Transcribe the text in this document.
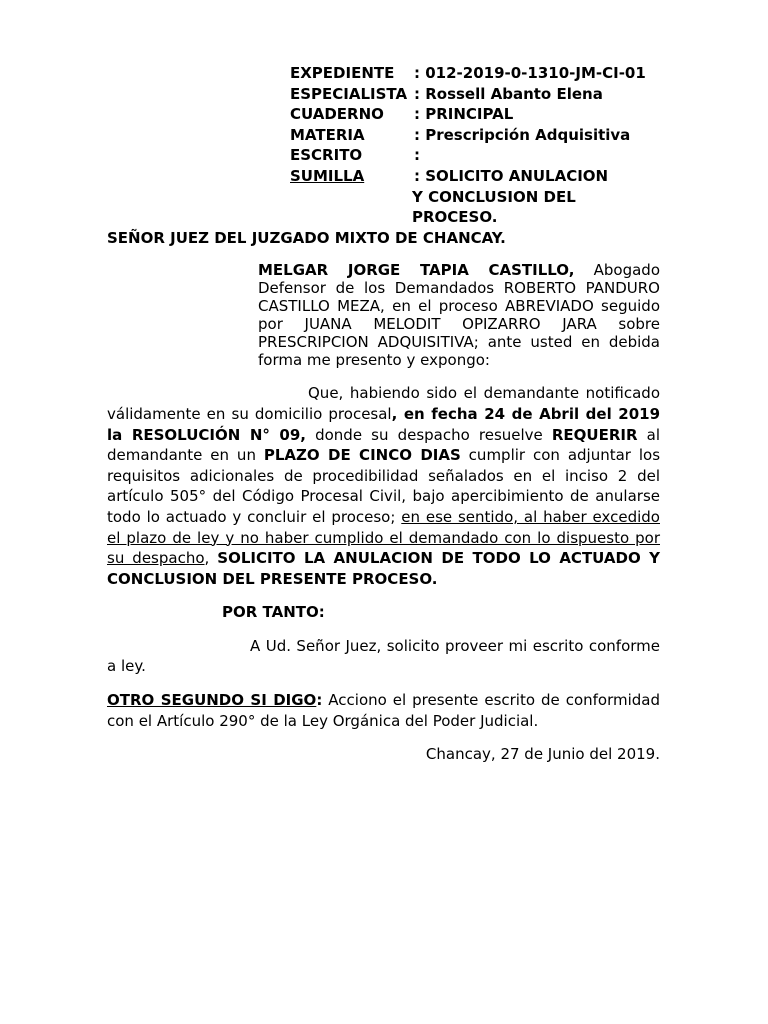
EXPEDIENTE	: 012-2019-0-1310-JM-CI-01
ESPECIALISTA : Rossell Abanto Elena
CUADERNO	: PRINCIPAL
MATERIA	: Prescripción Adquisitiva
ESCRITO	:
SUMILLA	: SOLICITO ANULACION
Y CONCLUSION DEL
PROCESO.
SEÑOR JUEZ DEL JUZGADO MIXTO DE CHANCAY.

MELGAR JORGE TAPIA CASTILLO, Abogado Defensor de los Demandados ROBERTO PANDURO CASTILLO MEZA, en el proceso ABREVIADO seguido por JUANA MELODIT OPIZARRO JARA sobre PRESCRIPCION ADQUISITIVA; ante usted en debida forma me presento y expongo:

Que, habiendo sido el demandante notificado válidamente en su domicilio procesal, en fecha 24 de Abril del 2019 la RESOLUCIÓN N° 09, donde su despacho resuelve REQUERIR al demandante en un PLAZO DE CINCO DIAS cumplir con adjuntar los requisitos adicionales de procedibilidad señalados en el inciso 2 del artículo 505° del Código Procesal Civil, bajo apercibimiento de anularse todo lo actuado y concluir el proceso; en ese sentido, al haber excedido el plazo de ley y no haber cumplido el demandado con lo dispuesto por su despacho, SOLICITO LA ANULACION DE TODO LO ACTUADO Y CONCLUSION DEL PRESENTE PROCESO.

POR TANTO:

A Ud. Señor Juez, solicito proveer mi escrito conforme a ley.

OTRO SEGUNDO SI DIGO: Acciono el presente escrito de conformidad con el Artículo 290° de la Ley Orgánica del Poder Judicial.

Chancay, 27 de Junio del 2019.
